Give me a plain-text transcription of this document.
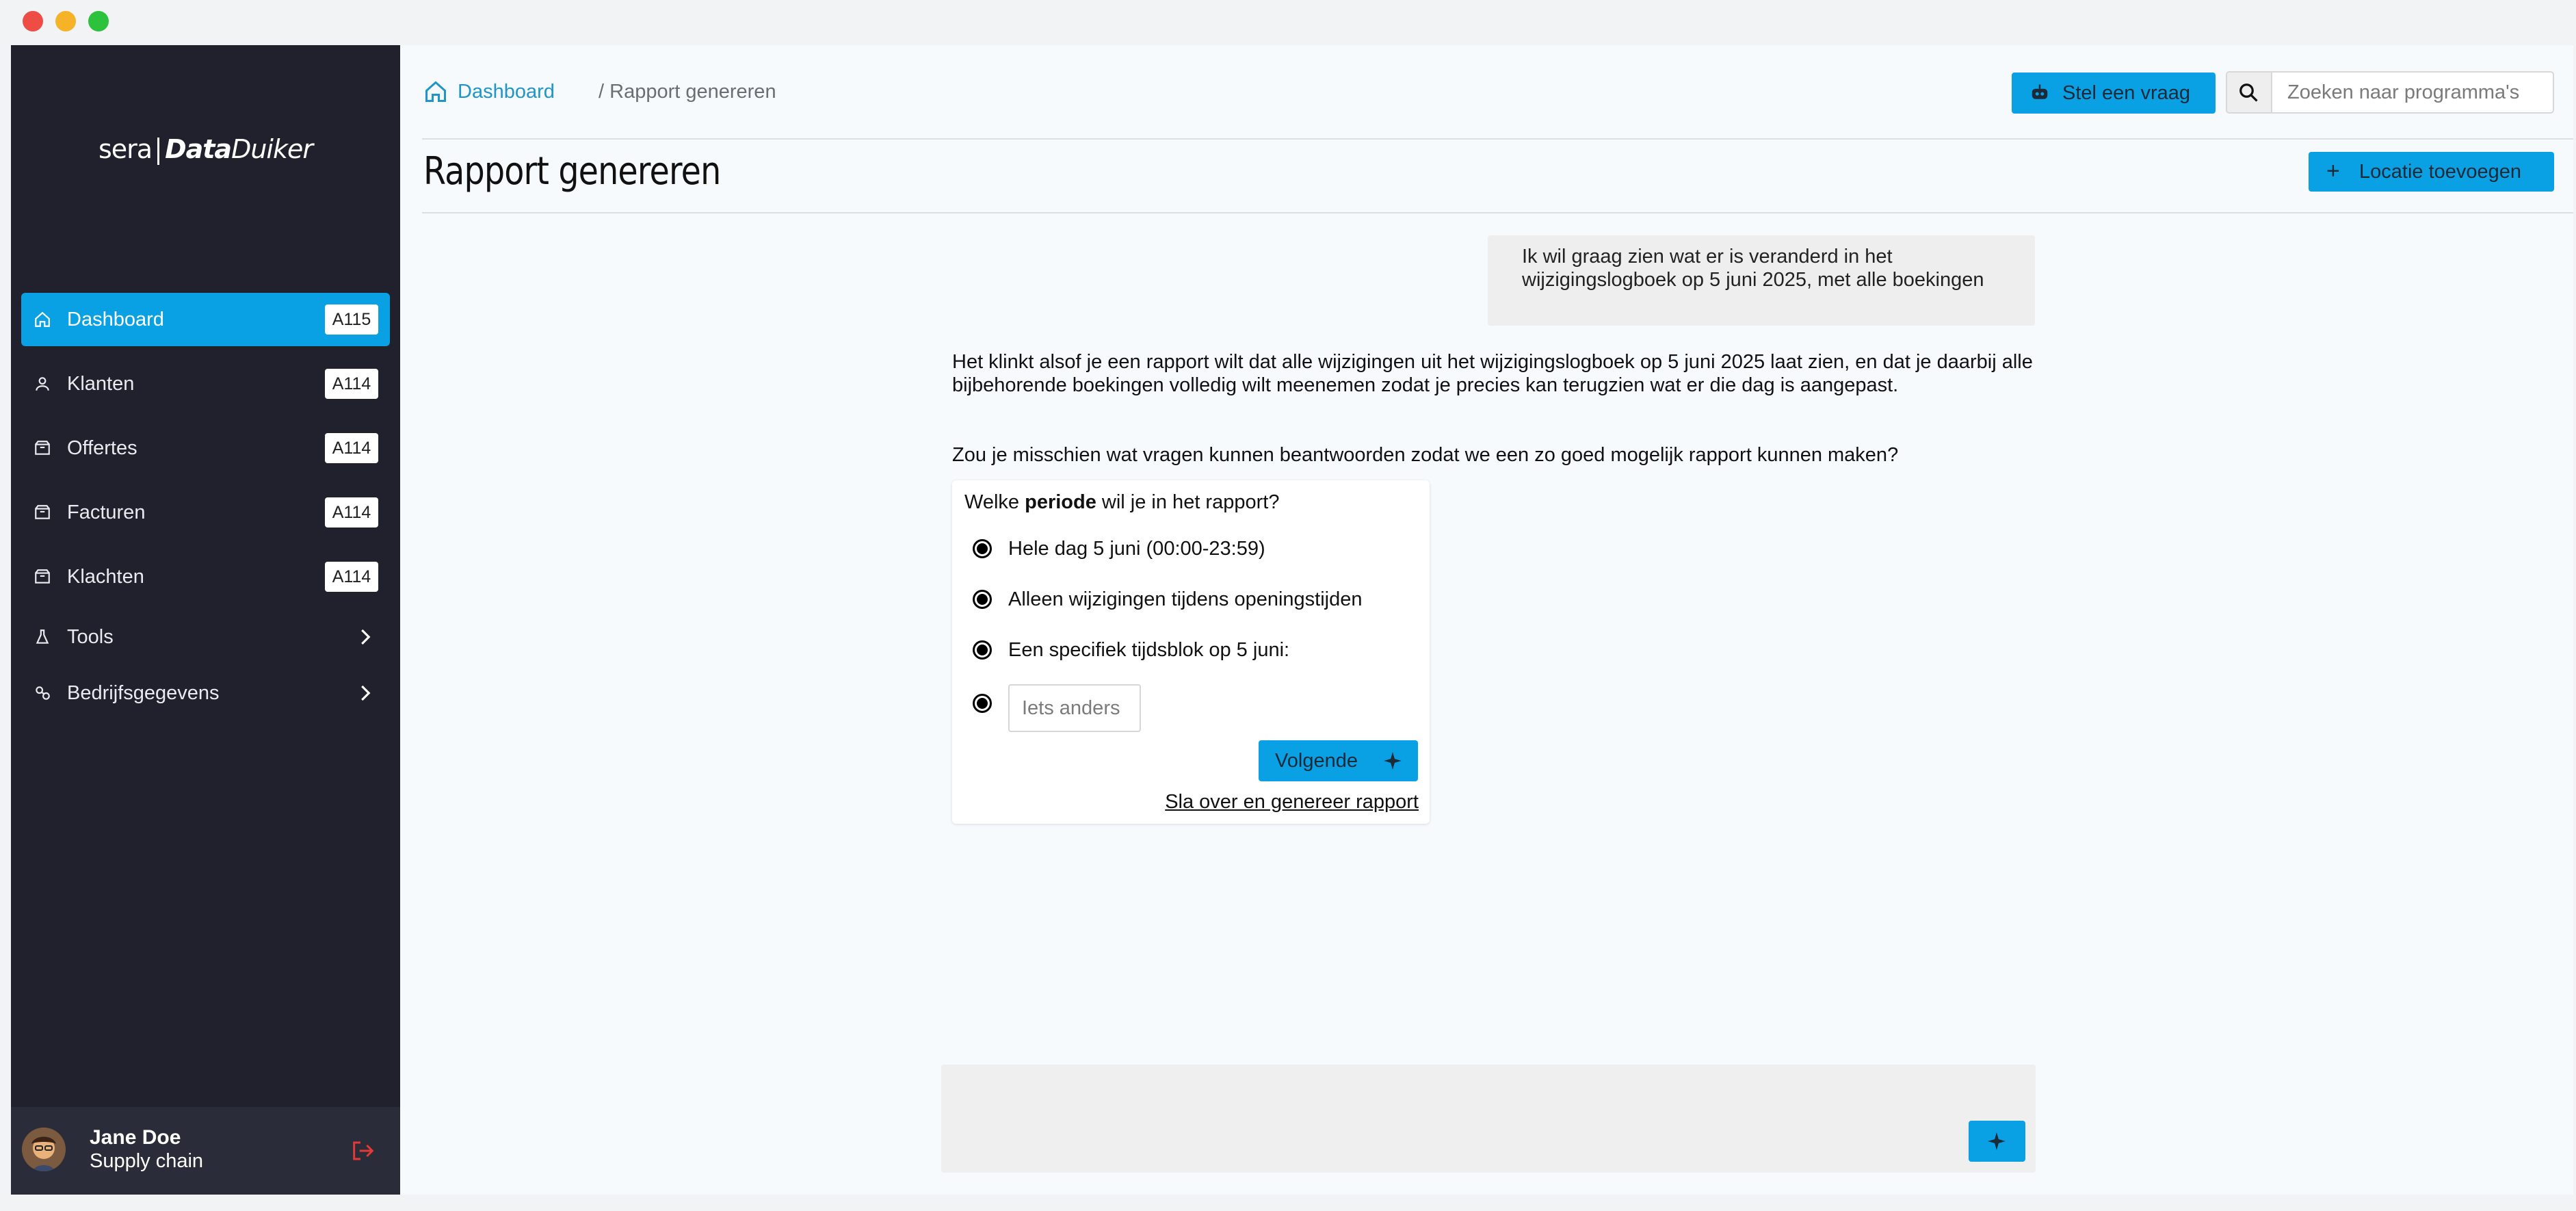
sera DataDuiker
Dashboard	A115
Klanten	A114
Offertes	A114
Facturen	A114
Klachten	A114
Tools
Bedrijfsgegevens
Jane Doe
Supply chain
Dashboard / Rapport genereren	Stel een vraag
Zoeken naar programma's
Rapport genereren	+ Locatie toevoegen
Ik wil graag zien wat er is veranderd in het wijzigingslogboek op 5 juni 2025, met alle boekingen
Het klinkt alsof je een rapport wilt dat alle wijzigingen uit het wijzigingslogboek op 5 juni 2025 laat zien, en dat je daarbij alle bijbehorende boekingen volledig wilt meenemen zodat je precies kan terugzien wat er die dag is aangepast.
Zou je misschien wat vragen kunnen beantwoorden zodat we een zo goed mogelijk rapport kunnen maken?
Welke periode wil je in het rapport?
Hele dag 5 juni (00:00-23:59)
Alleen wijzigingen tijdens openingstijden
Een specifiek tijdsblok op 5 juni:
Iets anders
Volgende
Sla over en genereer rapport
